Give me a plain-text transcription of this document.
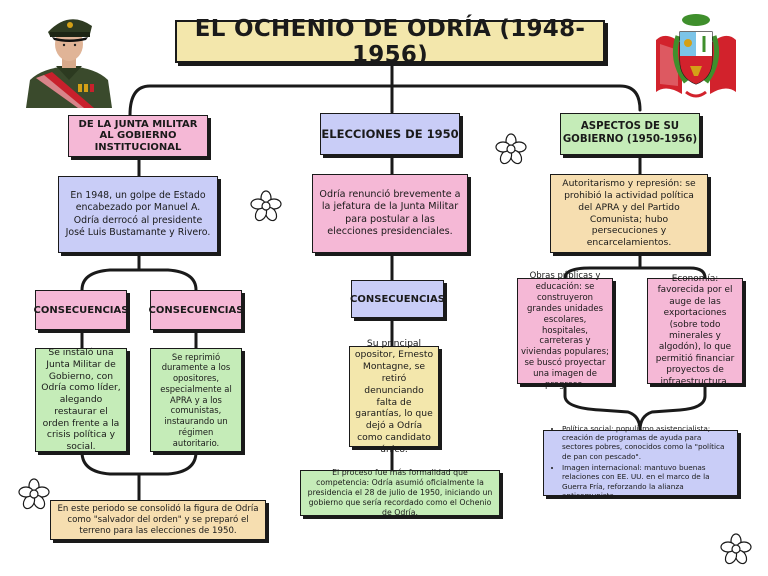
EL OCHENIO DE ODRÍA (1948-1956)
DE LA JUNTA MILITAR AL GOBIERNO INSTITUCIONAL
En 1948, un golpe de Estado encabezado por Manuel A. Odría derrocó al presidente José Luis Bustamante y Rivero.
CONSECUENCIAS CONSECUENCIAS
Se instaló una Junta Militar de Gobierno, con Odría como líder, alegando restaurar el orden frente a la crisis política y social.
Se reprimió duramente a los opositores, especialmente al APRA y a los comunistas, instaurando un régimen autoritario.
En este periodo se consolidó la figura de Odría como "salvador del orden" y se preparó el terreno para las elecciones de 1950.
ELECCIONES DE 1950
Odría renunció brevemente a la jefatura de la Junta Militar para postular a las elecciones presidenciales.
CONSECUENCIAS
Su principal opositor, Ernesto Montagne, se retiró denunciando falta de garantías, lo que dejó a Odría como candidato único.
El proceso fue más formalidad que competencia: Odría asumió oficialmente la presidencia el 28 de julio de 1950, iniciando un gobierno que sería recordado como el Ochenio de Odría.
ASPECTOS DE SU GOBIERNO (1950-1956)
Autoritarismo y represión: se prohibió la actividad política del APRA y del Partido Comunista; hubo persecuciones y encarcelamientos.
Obras públicas y educación: se construyeron grandes unidades escolares, hospitales, carreteras y viviendas populares; se buscó proyectar una imagen de progreso.
Economía: favorecida por el auge de las exportaciones (sobre todo minerales y algodón), lo que permitió financiar proyectos de infraestructura.
• Política social: populismo asistencialista; creación de programas de ayuda para sectores pobres, conocidos como la "política de pan con pescado".
• Imagen internacional: mantuvo buenas relaciones con EE. UU. en el marco de la Guerra Fría, reforzando la alianza anticomunista.
